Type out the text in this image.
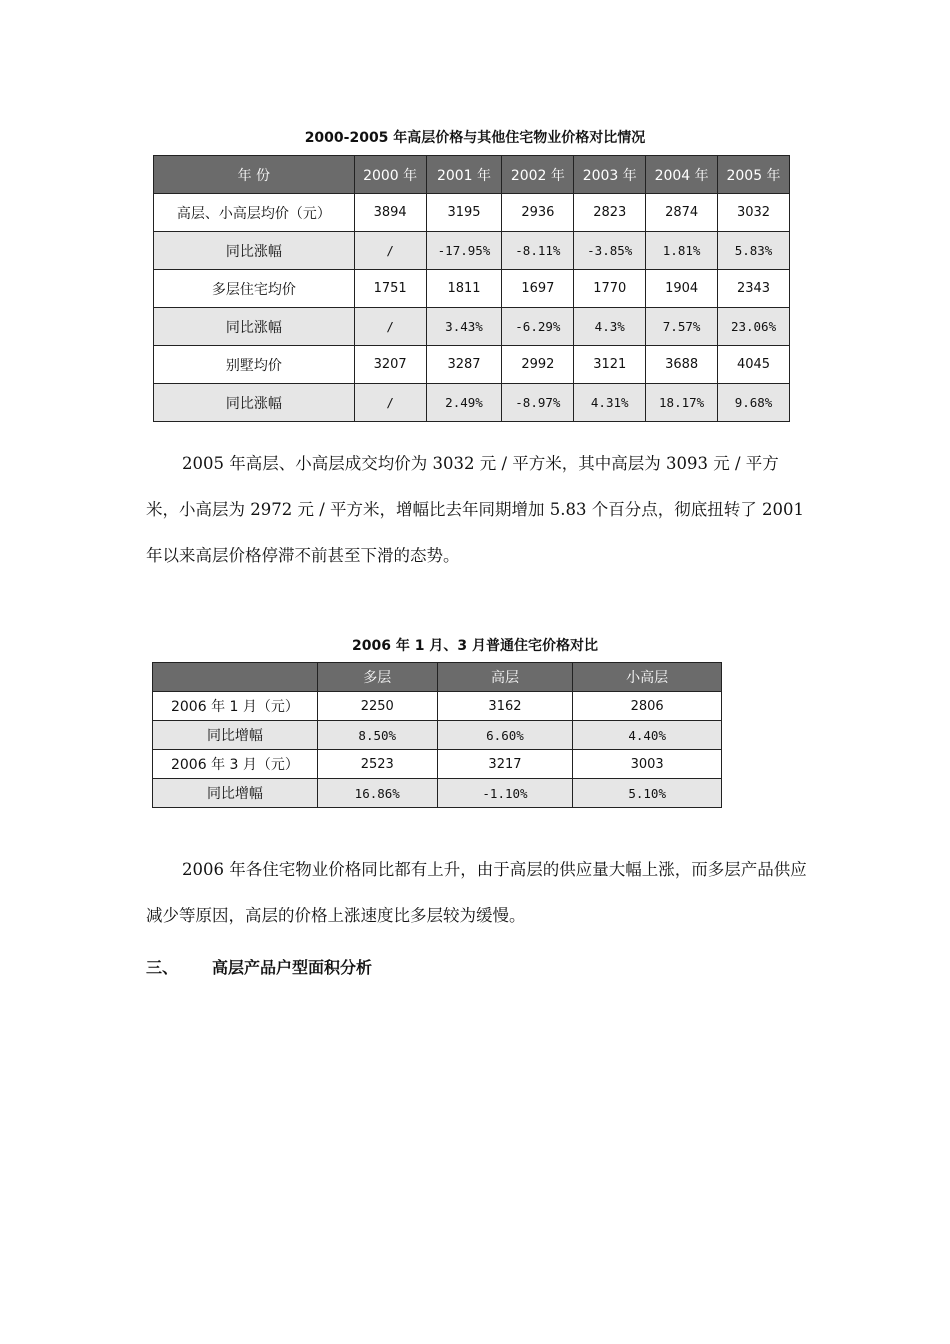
2000-2005 年高层价格与其他住宅物业价格对比情况
年 份	2000 年	2001 年	2002 年	2003 年	2004 年	2005 年
高层、小高层均价（元）	3894	3195	2936	2823	2874	3032
同比涨幅	/	-17.95%	-8.11%	-3.85%	1.81%	5.83%
多层住宅均价	1751	1811	1697	1770	1904	2343
同比涨幅	/	3.43%	-6.29%	4.3%	7.57%	23.06%
别墅均价	3207	3287	2992	3121	3688	4045
同比涨幅	/	2.49%	-8.97%	4.31%	18.17%	9.68%

2005 年高层、小高层成交均价为 3032 元 / 平方米，其中高层为 3093 元 / 平方米，小高层为 2972 元 / 平方米，增幅比去年同期增加 5.83 个百分点，彻底扭转了 2001 年以来高层价格停滞不前甚至下滑的态势。

2006 年 1 月、3 月普通住宅价格对比
	多层	高层	小高层
2006 年 1 月（元）	2250	3162	2806
同比增幅	8.50%	6.60%	4.40%
2006 年 3 月（元）	2523	3217	3003
同比增幅	16.86%	-1.10%	5.10%

2006 年各住宅物业价格同比都有上升，由于高层的供应量大幅上涨，而多层产品供应减少等原因，高层的价格上涨速度比多层较为缓慢。

三、 高层产品户型面积分析
